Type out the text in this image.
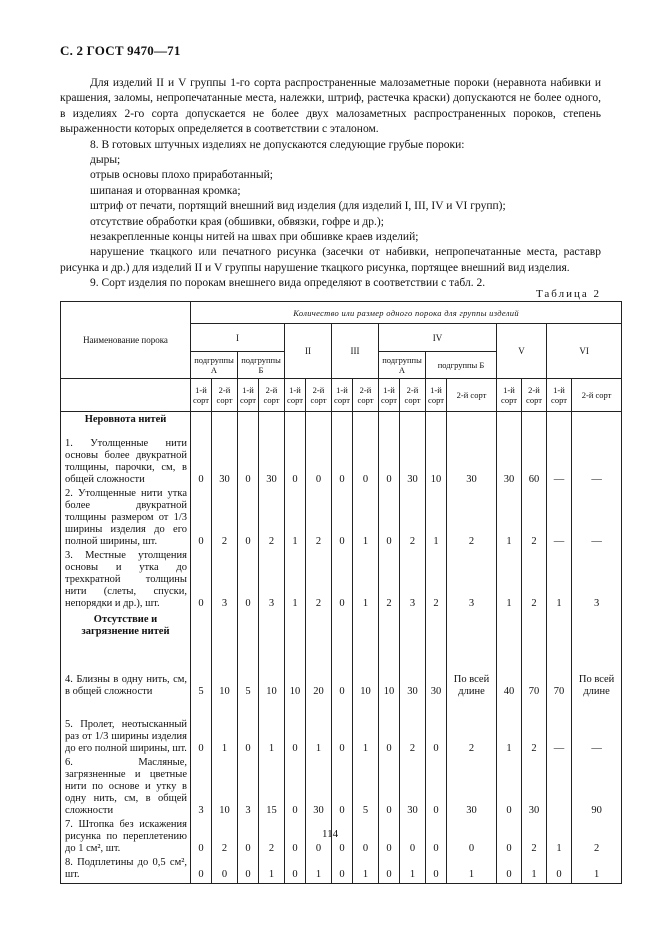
С. 2 ГОСТ 9470—71

Для изделий II и V группы 1-го сорта распространенные малозаметные пороки (неравнота набивки и крашения, заломы, непропечатанные места, належки, штриф, растечка краски) допускаются не более одного, в изделиях 2-го сорта допускается не более двух малозаметных распространенных пороков, степень выраженности которых определяется в соответствии с эталоном.

8. В готовых штучных изделиях не допускаются следующие грубые пороки:

дыры;

отрыв основы плохо приработанный;

шипаная и оторванная кромка;

штриф от печати, портящий внешний вид изделия (для изделий I, III, IV и VI групп);

отсутствие обработки края (обшивки, обвязки, гофре и др.);

незакрепленные концы нитей на швах при обшивке краев изделий;

нарушение ткацкого или печатного рисунка (засечки от набивки, непропечатанные места, раставр рисунка и др.) для изделий II и V группы нарушение ткацкого рисунка, портящее внешний вид изделия.

9. Сорт изделия по порокам внешнего вида определяют в соответствии с табл. 2.

Таблица 2
Наименование порока	Количество или размер одного порока для группы изделий															
	I				II		III		IV				V		VI	
	подгруппы А		подгруппы Б						подгруппы А		подгруппы Б					
	1-й сорт	2-й сорт	1-й сорт	2-й сорт	1-й сорт	2-й сорт	1-й сорт	2-й сорт	1-й сорт	2-й сорт	1-й сорт	2-й сорт	1-й сорт	2-й сорт	1-й сорт	2-й сорт
Неровнота нитей																
1. Утолщенные нити основы более двукратной толщины, парочки, см, в общей сложности	0	30	0	30	0	0	0	0	0	30	10	30	30	60	—	—
2. Утолщенные нити утка более двукратной толщины размером от 1/3 ширины изделия до его полной ширины, шт.	0	2	0	2	1	2	0	1	0	2	1	2	1	2	—	—
3. Местные утолщения основы и утка до трехкратной толщины нити (слеты, спуски, непорядки и др.), шт.	0	3	0	3	1	2	0	1	2	3	2	3	1	2	1	3
Отсутствие и загрязнение нитей																
4. Близны в одну нить, см, в общей сложности	5	10	5	10	10	20	0	10	10	30	30	По всей длине	40	70	70	По всей длине
5. Пролет, неотысканный раз от 1/3 ширины изделия до его полной ширины, шт.	0	1	0	1	0	1	0	1	0	2	0	2	1	2	—	—
6. Масляные, загрязненные и цветные нити по основе и утку в одну нить, см, в общей сложности	3	10	3	15	0	30	0	5	0	30	0	30	0	30		90
7. Штопка без искажения рисунка по переплетению до 1 см², шт.	0	2	0	2	0	0	0	0	0	0	0	0	0	2	1	2
8. Подплетины до 0,5 см², шт.	0	0	0	1	0	1	0	1	0	1	0	1	0	1	0	1
114
